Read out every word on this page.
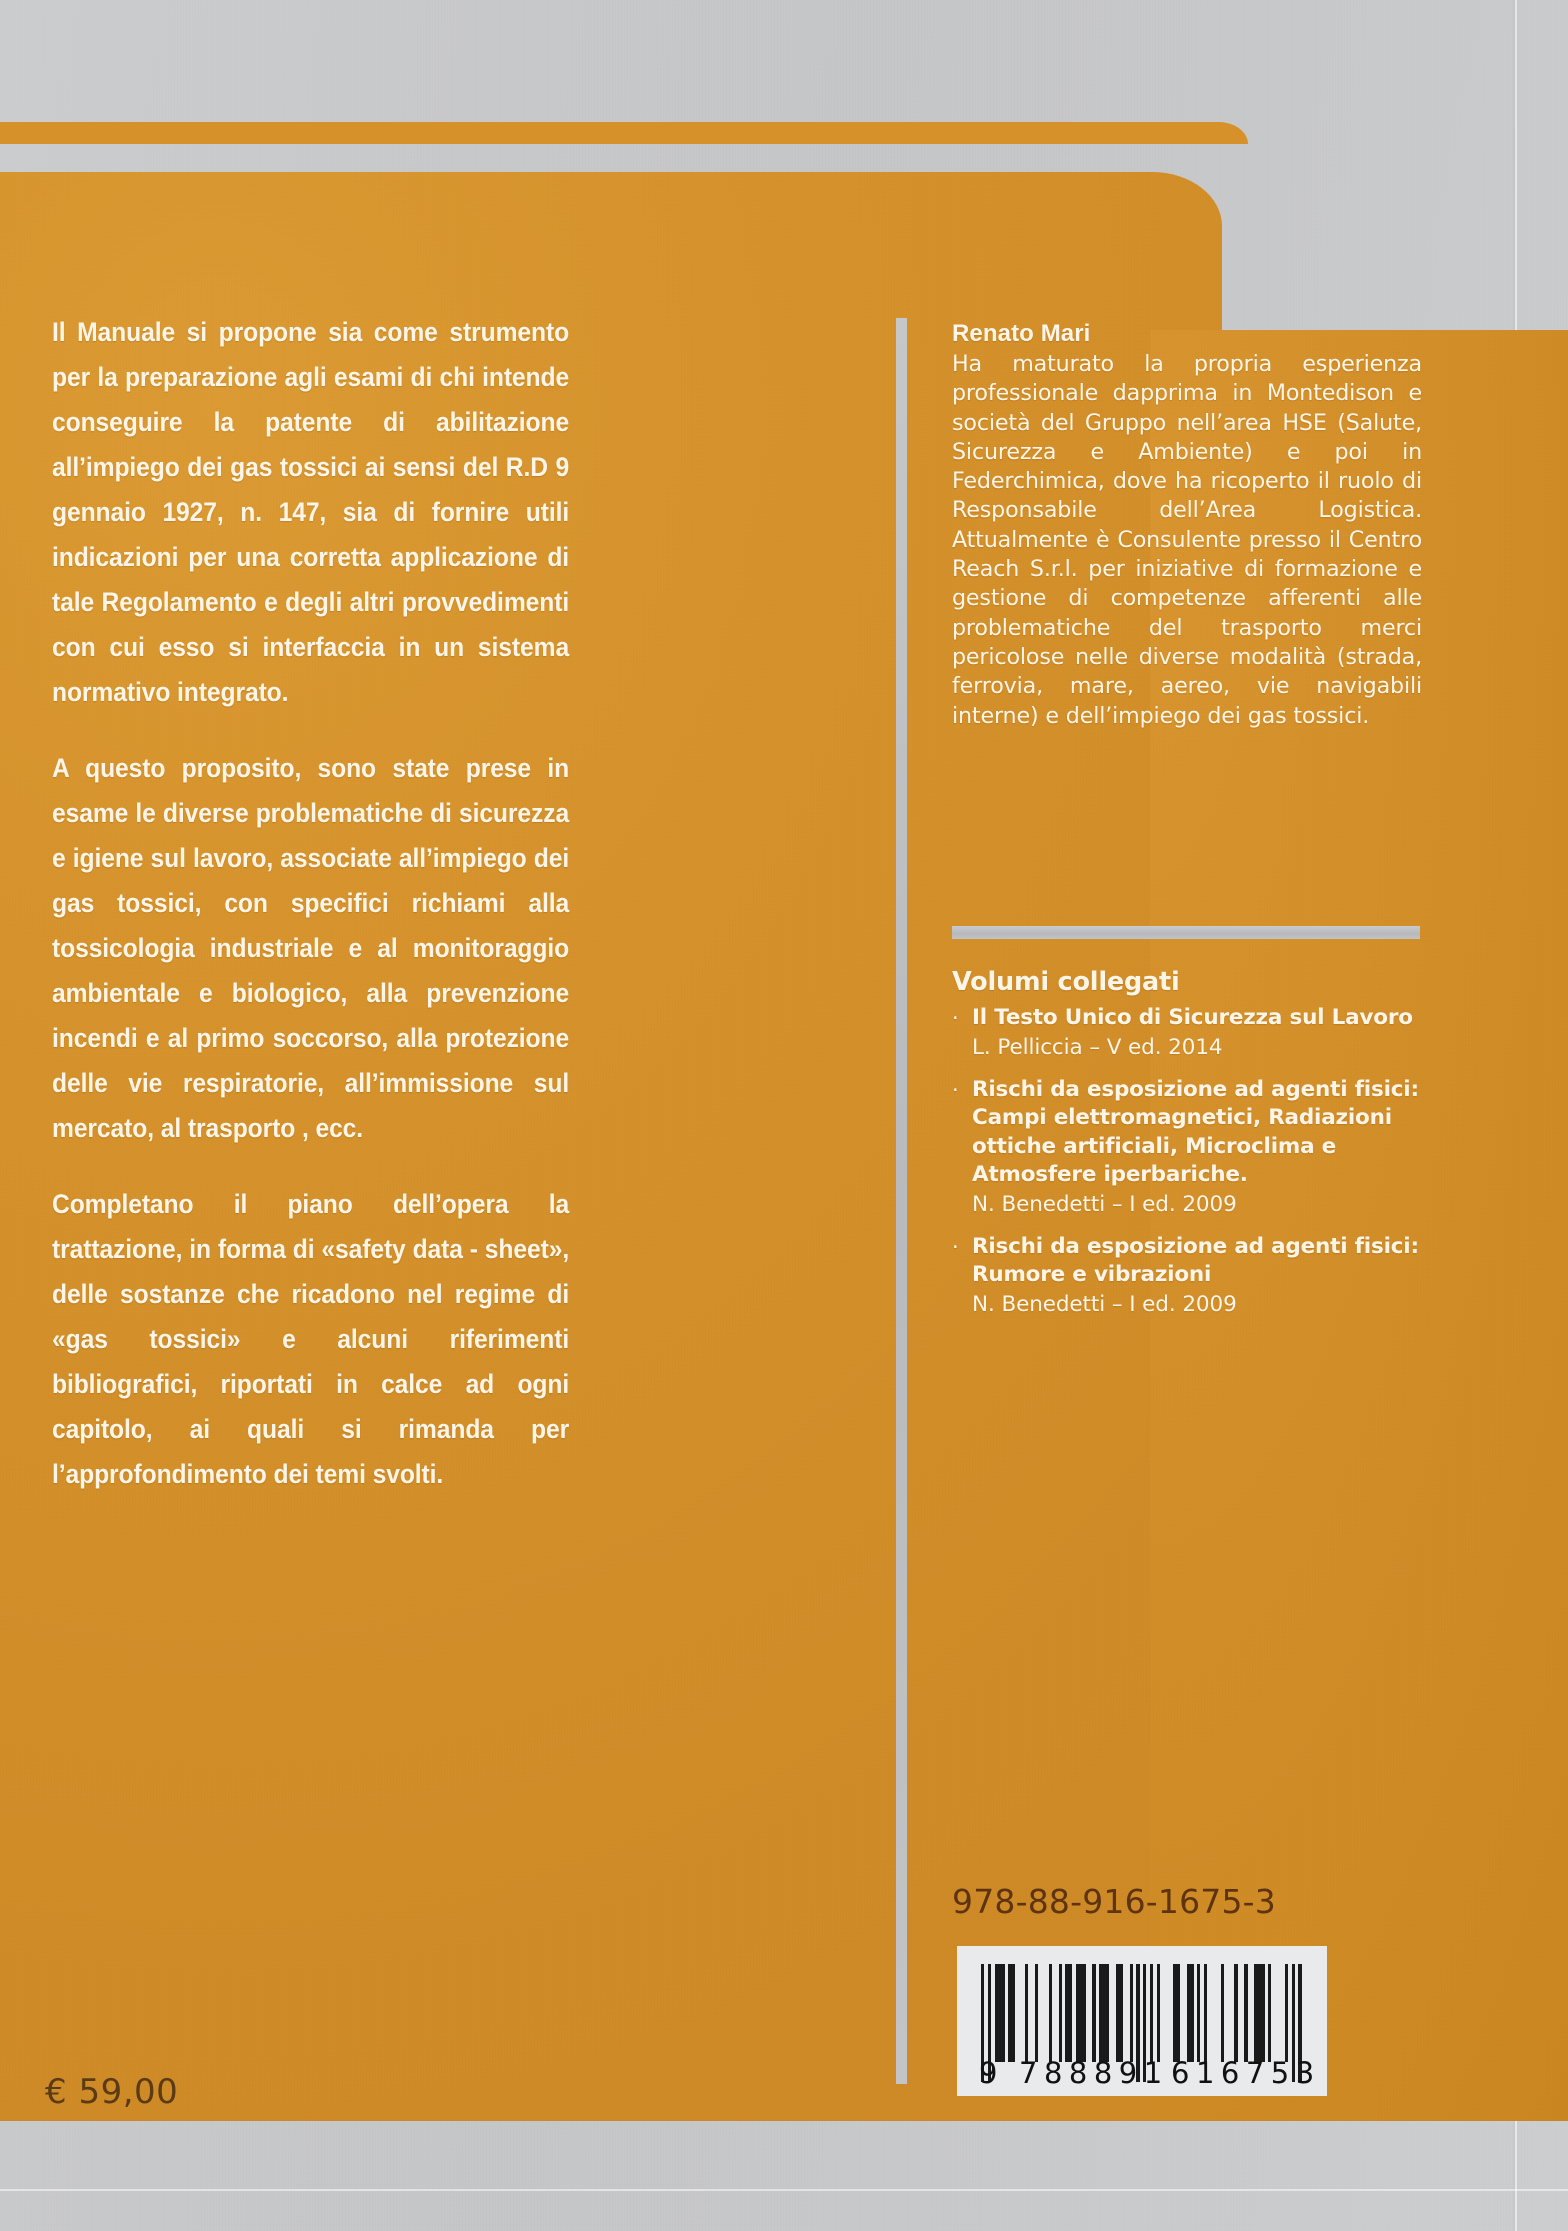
Il Manuale si propone sia come strumento per la preparazione agli esami di chi intende conseguire la patente di abilitazione all’impiego dei gas tossici ai sensi del R.D 9 gennaio 1927, n. 147, sia di fornire utili indicazioni per una corretta applicazione di tale Regolamento e degli altri provvedimenti con cui esso si interfaccia in un sistema normativo integrato.

A questo proposito, sono state prese in esame le diverse problematiche di sicurezza e igiene sul lavoro, associate all’impiego dei gas tossici, con specifici richiami alla tossicologia industriale e al monitoraggio ambientale e biologico, alla prevenzione incendi e al primo soccorso, alla protezione delle vie respiratorie, all’immissione sul mercato, al trasporto , ecc.

Completano il piano dell’opera la trattazione, in forma di «safety data - sheet», delle sostanze che ricadono nel regime di «gas tossici» e alcuni riferimenti bibliografici, riportati in calce ad ogni capitolo, ai quali si rimanda per l’approfondimento dei temi svolti.

Renato Mari

Ha maturato la propria esperienza professionale dapprima in Montedison e società del Gruppo nell’area HSE (Salute, Sicurezza e Ambiente) e poi in Federchimica, dove ha ricoperto il ruolo di Responsabile dell’Area Logistica. Attualmente è Consulente presso il Centro Reach S.r.l. per iniziative di formazione e gestione di competenze afferenti alle problematiche del trasporto merci pericolose nelle diverse modalità (strada, ferrovia, mare, aereo, vie navigabili interne) e dell’impiego dei gas tossici.

Volumi collegati
· Il Testo Unico di Sicurezza sul Lavoro
L. Pelliccia – V ed. 2014
· Rischi da esposizione ad agenti fisici: Campi elettromagnetici, Radiazioni ottiche artificiali, Microclima e Atmosfere iperbariche.
N. Benedetti – I ed. 2009
· Rischi da esposizione ad agenti fisici: Rumore e vibrazioni
N. Benedetti – I ed. 2009
978-88-916-1675-3
9 788891 616753
€ 59,00
